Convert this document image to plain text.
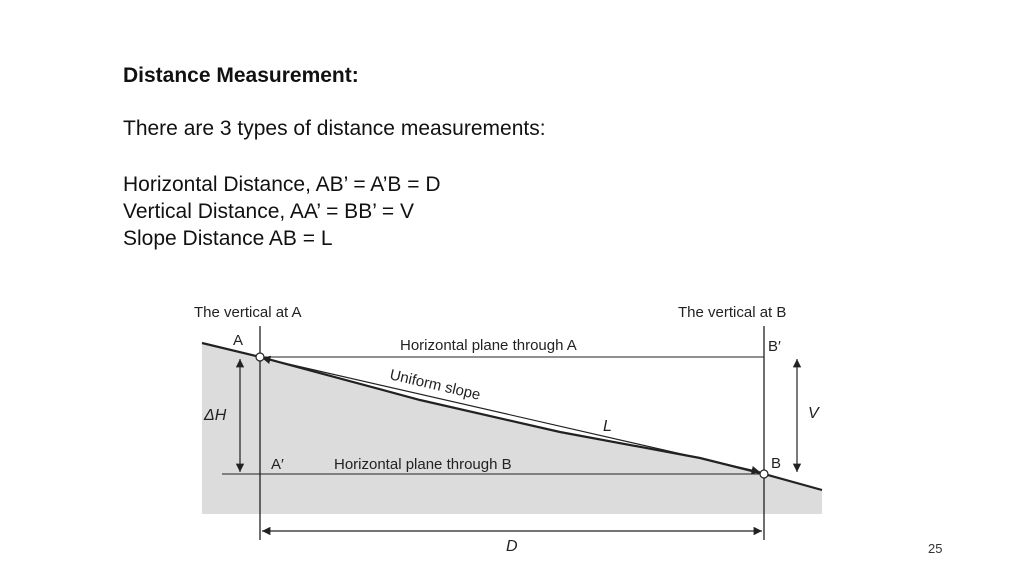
Distance Measurement:

There are 3 types of distance measurements:

Horizontal Distance, AB’ = A’B = D
Vertical Distance, AA’ = BB’ = V
Slope Distance AB = L
The vertical at A	The vertical at B
A	B′
Horizontal plane through A
Uniform slope
L
ΔH	V
A′	Horizontal plane through B	B
D	25
